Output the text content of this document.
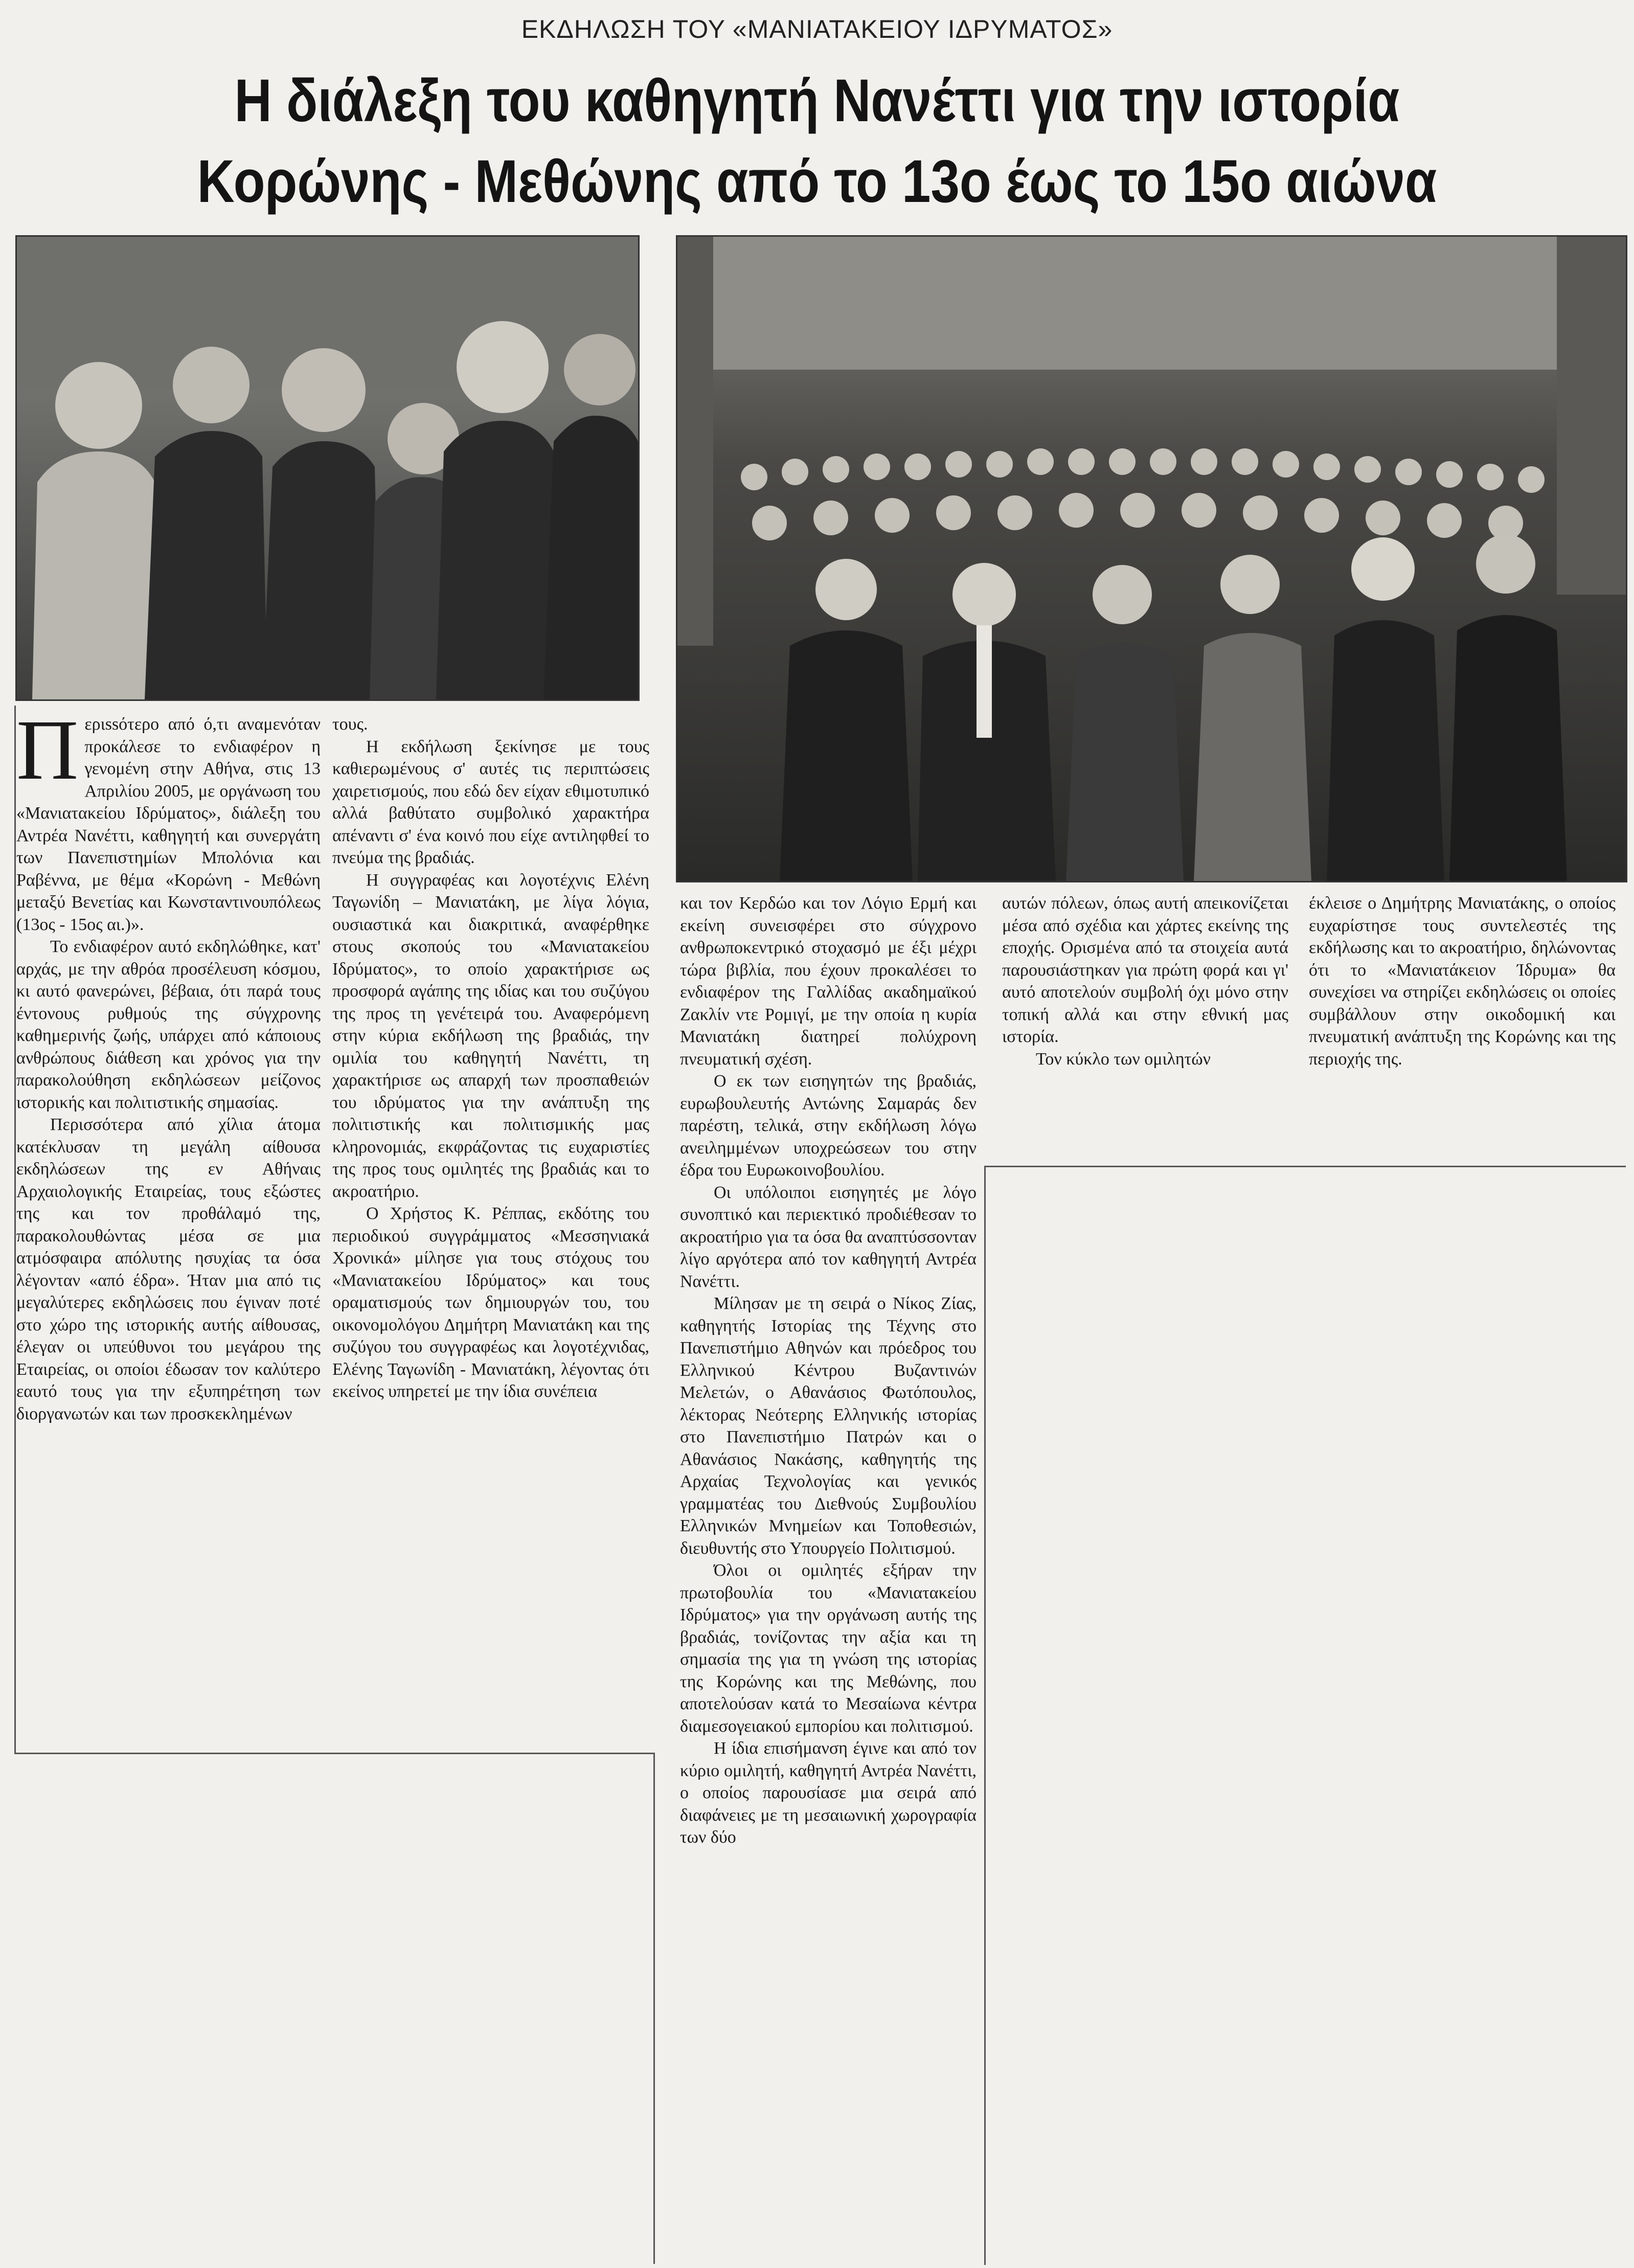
ΕΚΔΗΛΩΣΗ ΤΟΥ «ΜΑΝΙΑΤΑΚΕΙΟΥ ΙΔΡΥΜΑΤΟΣ»
Η διάλεξη του καθηγητή Νανέττι για την ιστορία
Κορώνης - Μεθώνης από το 13ο έως το 15ο αιώνα

Περιssότερο από ό,τι αναμενόταν προκάλεσε το ενδιαφέρον η γενομένη στην Αθήνα, στις 13 Απριλίου 2005, με οργάνωση του «Μανιατακείου Ιδρύματος», διάλεξη του Αντρέα Νανέττι, καθηγητή και συνεργάτη των Πανεπιστημίων Μπολόνια και Ραβέννα, με θέμα «Κορώνη - Μεθώνη μεταξύ Βενετίας και Κωνσταντινουπόλεως (13ος - 15ος αι.)».

Το ενδιαφέρον αυτό εκδηλώθηκε, κατ' αρχάς, με την αθρόα προσέλευση κόσμου, κι αυτό φανερώνει, βέβαια, ότι παρά τους έντονους ρυθμούς της σύγχρονης καθημερινής ζωής, υπάρχει από κάποιους ανθρώπους διάθεση και χρόνος για την παρακολούθηση εκδηλώσεων μείζονος ιστορικής και πολιτιστικής σημασίας.

Περισσότερα από χίλια άτομα κατέκλυσαν τη μεγάλη αίθουσα εκδηλώσεων της εν Αθήναις Αρχαιολογικής Εταιρείας, τους εξώστες της και τον προθάλαμό της, παρακολουθώντας μέσα σε μια ατμόσφαιρα απόλυτης ησυχίας τα όσα λέγονταν «από έδρα». Ήταν μια από τις μεγαλύτερες εκδηλώσεις που έγιναν ποτέ στο χώρο της ιστορικής αυτής αίθουσας, έλεγαν οι υπεύθυνοι του μεγάρου της Εταιρείας, οι οποίοι έδωσαν τον καλύτερο εαυτό τους για την εξυπηρέτηση των διοργανωτών και των προσκεκλημένων

τους.

Η εκδήλωση ξεκίνησε με τους καθιερωμένους σ' αυτές τις περιπτώσεις χαιρετισμούς, που εδώ δεν είχαν εθιμοτυπικό αλλά βαθύτατο συμβολικό χαρακτήρα απέναντι σ' ένα κοινό που είχε αντιληφθεί το πνεύμα της βραδιάς.

Η συγγραφέας και λογοτέχνις Ελένη Ταγωνίδη – Μανιατάκη, με λίγα λόγια, ουσιαστικά και διακριτικά, αναφέρθηκε στους σκοπούς του «Μανιατακείου Ιδρύματος», το οποίο χαρακτήρισε ως προσφορά αγάπης της ιδίας και του συζύγου της προς τη γενέτειρά του. Αναφερόμενη στην κύρια εκδήλωση της βραδιάς, την ομιλία του καθηγητή Νανέττι, τη χαρακτήρισε ως απαρχή των προσπαθειών του ιδρύματος για την ανάπτυξη της πολιτιστικής και πολιτισμικής μας κληρονομιάς, εκφράζοντας τις ευχαριστίες της προς τους ομιλητές της βραδιάς και το ακροατήριο.

Ο Χρήστος Κ. Ρέππας, εκδότης του περιοδικού συγγράμματος «Μεσσηνιακά Χρονικά» μίλησε για τους στόχους του «Μανιατακείου Ιδρύματος» και τους οραματισμούς των δημιουργών του, του οικονομολόγου Δημήτρη Μανιατάκη και της συζύγου του συγγραφέως και λογοτέχνιδας, Ελένης Ταγωνίδη - Μανιατάκη, λέγοντας ότι εκείνος υπηρετεί με την ίδια συνέπεια

και τον Κερδώο και τον Λόγιο Ερμή και εκείνη συνεισφέρει στο σύγχρονο ανθρωποκεντρικό στοχασμό με έξι μέχρι τώρα βιβλία, που έχουν προκαλέσει το ενδιαφέρον της Γαλλίδας ακαδημαϊκού Ζακλίν ντε Ρομιγί, με την οποία η κυρία Μανιατάκη διατηρεί πολύχρονη πνευματική σχέση.

Ο εκ των εισηγητών της βραδιάς, ευρωβουλευτής Αντώνης Σαμαράς δεν παρέστη, τελικά, στην εκδήλωση λόγω ανειλημμένων υποχρεώσεων του στην έδρα του Ευρωκοινοβουλίου.

Οι υπόλοιποι εισηγητές με λόγο συνοπτικό και περιεκτικό προδιέθεσαν το ακροατήριο για τα όσα θα αναπτύσσονταν λίγο αργότερα από τον καθηγητή Αντρέα Νανέττι.

Μίλησαν με τη σειρά ο Νίκος Ζίας, καθηγητής Ιστορίας της Τέχνης στο Πανεπιστήμιο Αθηνών και πρόεδρος του Ελληνικού Κέντρου Βυζαντινών Μελετών, ο Αθανάσιος Φωτόπουλος, λέκτορας Νεότερης Ελληνικής ιστορίας στο Πανεπιστήμιο Πατρών και ο Αθανάσιος Νακάσης, καθηγητής της Αρχαίας Τεχνολογίας και γενικός γραμματέας του Διεθνούς Συμβουλίου Ελληνικών Μνημείων και Τοποθεσιών, διευθυντής στο Υπουργείο Πολιτισμού.

Όλοι οι ομιλητές εξήραν την πρωτοβουλία του «Μανιατακείου Ιδρύματος» για την οργάνωση αυτής της βραδιάς, τονίζοντας την αξία και τη σημασία της για τη γνώση της ιστορίας της Κορώνης και της Μεθώνης, που αποτελούσαν κατά το Μεσαίωνα κέντρα διαμεσογειακού εμπορίου και πολιτισμού.

Η ίδια επισήμανση έγινε και από τον κύριο ομιλητή, καθηγητή Αντρέα Νανέττι, ο οποίος παρουσίασε μια σειρά από διαφάνειες με τη μεσαιωνική χωρογραφία των δύο

αυτών πόλεων, όπως αυτή απεικονίζεται μέσα από σχέδια και χάρτες εκείνης της εποχής. Ορισμένα από τα στοιχεία αυτά παρουσιάστηκαν για πρώτη φορά και γι' αυτό αποτελούν συμβολή όχι μόνο στην τοπική αλλά και στην εθνική μας ιστορία.

Τον κύκλο των ομιλητών

έκλεισε ο Δημήτρης Μανιατάκης, ο οποίος ευχαρίστησε τους συντελεστές της εκδήλωσης και το ακροατήριο, δηλώνοντας ότι το «Μανιατάκειον Ίδρυμα» θα συνεχίσει να στηρίζει εκδηλώσεις οι οποίες συμβάλλουν στην οικοδομική και πνευματική ανάπτυξη της Κορώνης και της περιοχής της.
